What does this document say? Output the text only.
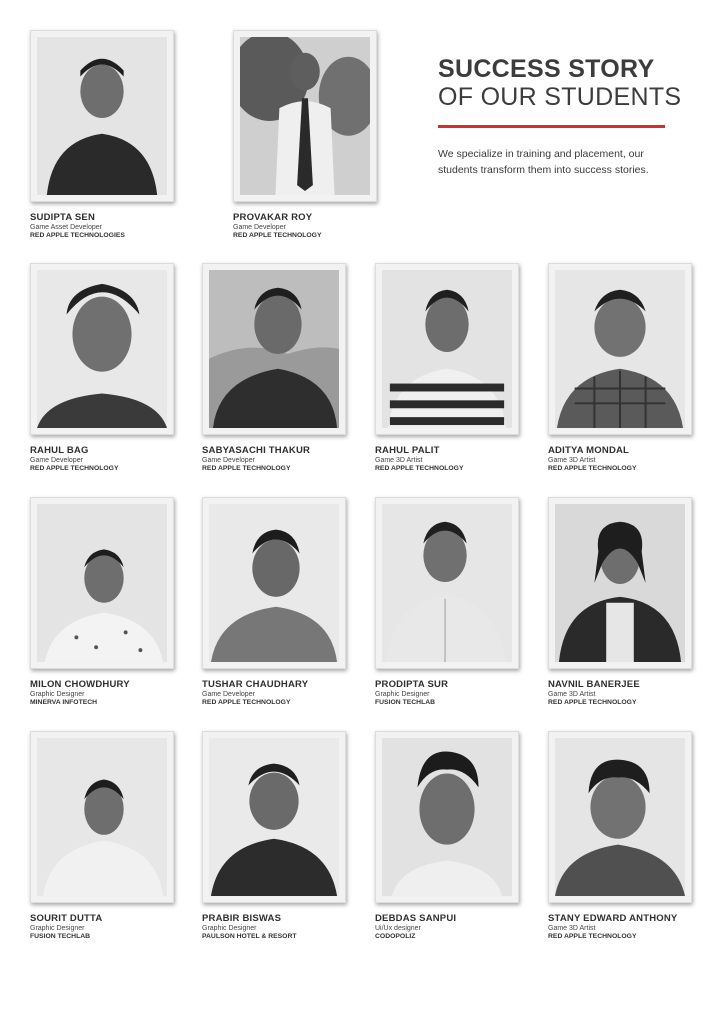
SUCCESS STORY
OF OUR STUDENTS
We specialize in training and placement, our students transform them into success stories.
SUDIPTA SEN
Game Asset Developer
RED APPLE TECHNOLOGIES
PROVAKAR ROY
Game Developer
RED APPLE TECHNOLOGY
RAHUL BAG
Game Developer
RED APPLE TECHNOLOGY
SABYASACHI THAKUR
Game Developer
RED APPLE TECHNOLOGY
RAHUL PALIT
Game 3D Artist
RED APPLE TECHNOLOGY
ADITYA MONDAL
Game 3D Artist
RED APPLE TECHNOLOGY
MILON CHOWDHURY
Graphic Designer
MINERVA INFOTECH
TUSHAR CHAUDHARY
Game Developer
RED APPLE TECHNOLOGY
PRODIPTA SUR
Graphic Designer
FUSION TECHLAB
NAVNIL BANERJEE
Game 3D Artist
RED APPLE TECHNOLOGY
SOURIT DUTTA
Graphic Designer
FUSION TECHLAB
PRABIR BISWAS
Graphic Designer
PAULSON HOTEL & RESORT
DEBDAS SANPUI
Ui/Ux designer
CODOPOLIZ
STANY EDWARD ANTHONY
Game 3D Artist
RED APPLE TECHNOLOGY
